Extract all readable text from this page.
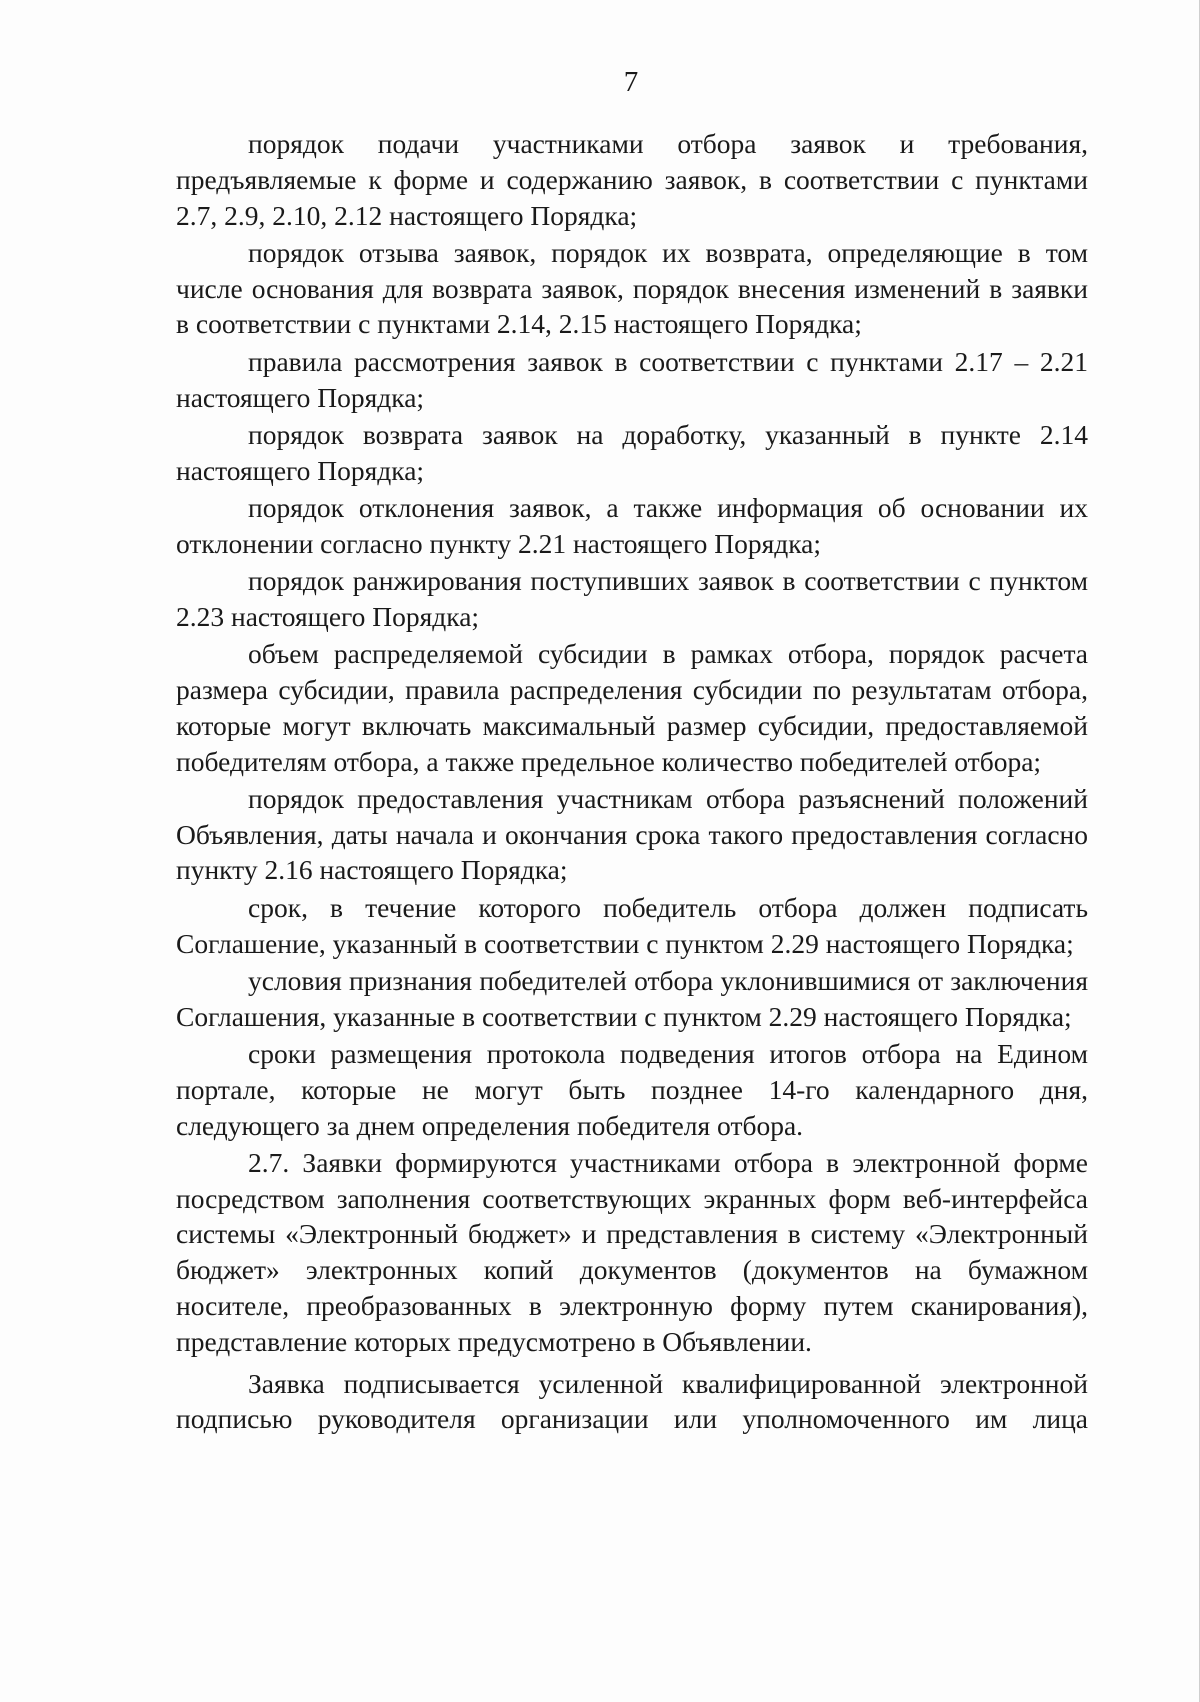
7

порядок подачи участниками отбора заявок и требования, предъявляемые к форме и содержанию заявок, в соответствии с пунктами 2.7, 2.9, 2.10, 2.12 настоящего Порядка;

порядок отзыва заявок, порядок их возврата, определяющие в том числе основания для возврата заявок, порядок внесения изменений в заявки в соответствии с пунктами 2.14, 2.15 настоящего Порядка;

правила рассмотрения заявок в соответствии с пунктами 2.17 – 2.21 настоящего Порядка;

порядок возврата заявок на доработку, указанный в пункте 2.14 настоящего Порядка;

порядок отклонения заявок, а также информация об основании их отклонении согласно пункту 2.21 настоящего Порядка;

порядок ранжирования поступивших заявок в соответствии с пунктом 2.23 настоящего Порядка;

объем распределяемой субсидии в рамках отбора, порядок расчета размера субсидии, правила распределения субсидии по результатам отбора, которые могут включать максимальный размер субсидии, предоставляемой победителям отбора, а также предельное количество победителей отбора;

порядок предоставления участникам отбора разъяснений положений Объявления, даты начала и окончания срока такого предоставления согласно пункту 2.16 настоящего Порядка;

срок, в течение которого победитель отбора должен подписать Соглашение, указанный в соответствии с пунктом 2.29 настоящего Порядка;

условия признания победителей отбора уклонившимися от заключения Соглашения, указанные в соответствии с пунктом 2.29 настоящего Порядка;

сроки размещения протокола подведения итогов отбора на Едином портале, которые не могут быть позднее 14-го календарного дня, следующего за днем определения победителя отбора.

2.7. Заявки формируются участниками отбора в электронной форме посредством заполнения соответствующих экранных форм веб-интерфейса системы «Электронный бюджет» и представления в систему «Электронный бюджет» электронных копий документов (документов на бумажном носителе, преобразованных в электронную форму путем сканирования), представление которых предусмотрено в Объявлении.

Заявка подписывается усиленной квалифицированной электронной подписью руководителя организации или уполномоченного им лица
